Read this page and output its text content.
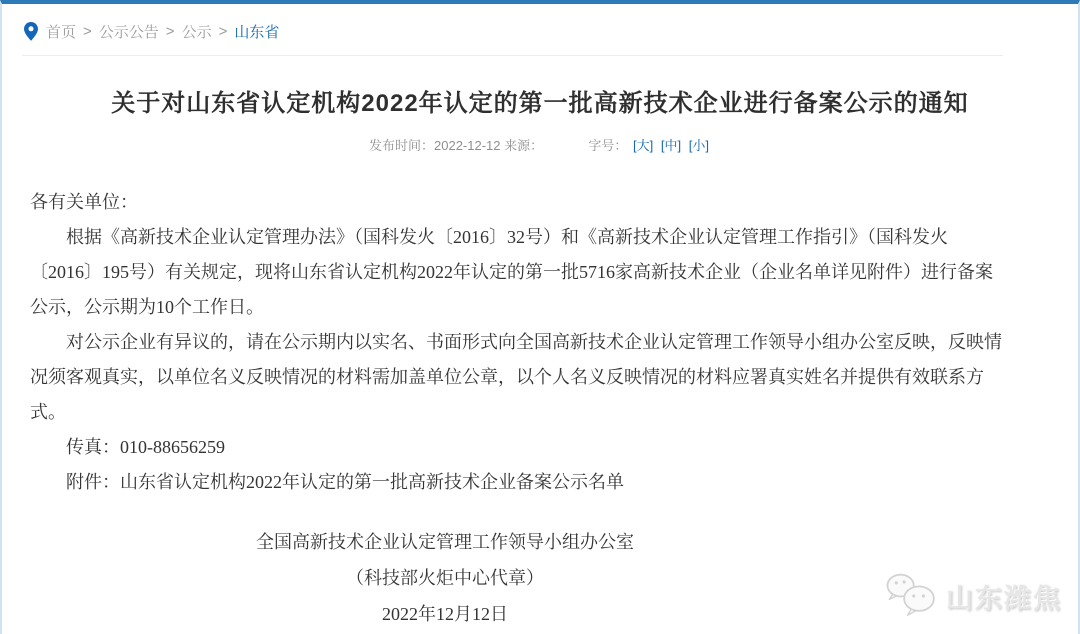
首页 > 公示公告 > 公示 > 山东省
关于对山东省认定机构2022年认定的第一批高新技术企业进行备案公示的通知
发布时间：2022-12-12 来源：	字号： [大] [中] [小]
各有关单位：
根据《高新技术企业认定管理办法》（国科发火〔2016〕32号）和《高新技术企业认定管理工作指引》（国科发火
〔2016〕195号）有关规定，现将山东省认定机构2022年认定的第一批5716家高新技术企业（企业名单详见附件）进行备案
公示，公示期为10个工作日。
对公示企业有异议的，请在公示期内以实名、书面形式向全国高新技术企业认定管理工作领导小组办公室反映，反映情
况须客观真实，以单位名义反映情况的材料需加盖单位公章，以个人名义反映情况的材料应署真实姓名并提供有效联系方
式。
传真：010-88656259
附件：山东省认定机构2022年认定的第一批高新技术企业备案公示名单
全国高新技术企业认定管理工作领导小组办公室
（科技部火炬中心代章）
2022年12月12日
山东潍焦
